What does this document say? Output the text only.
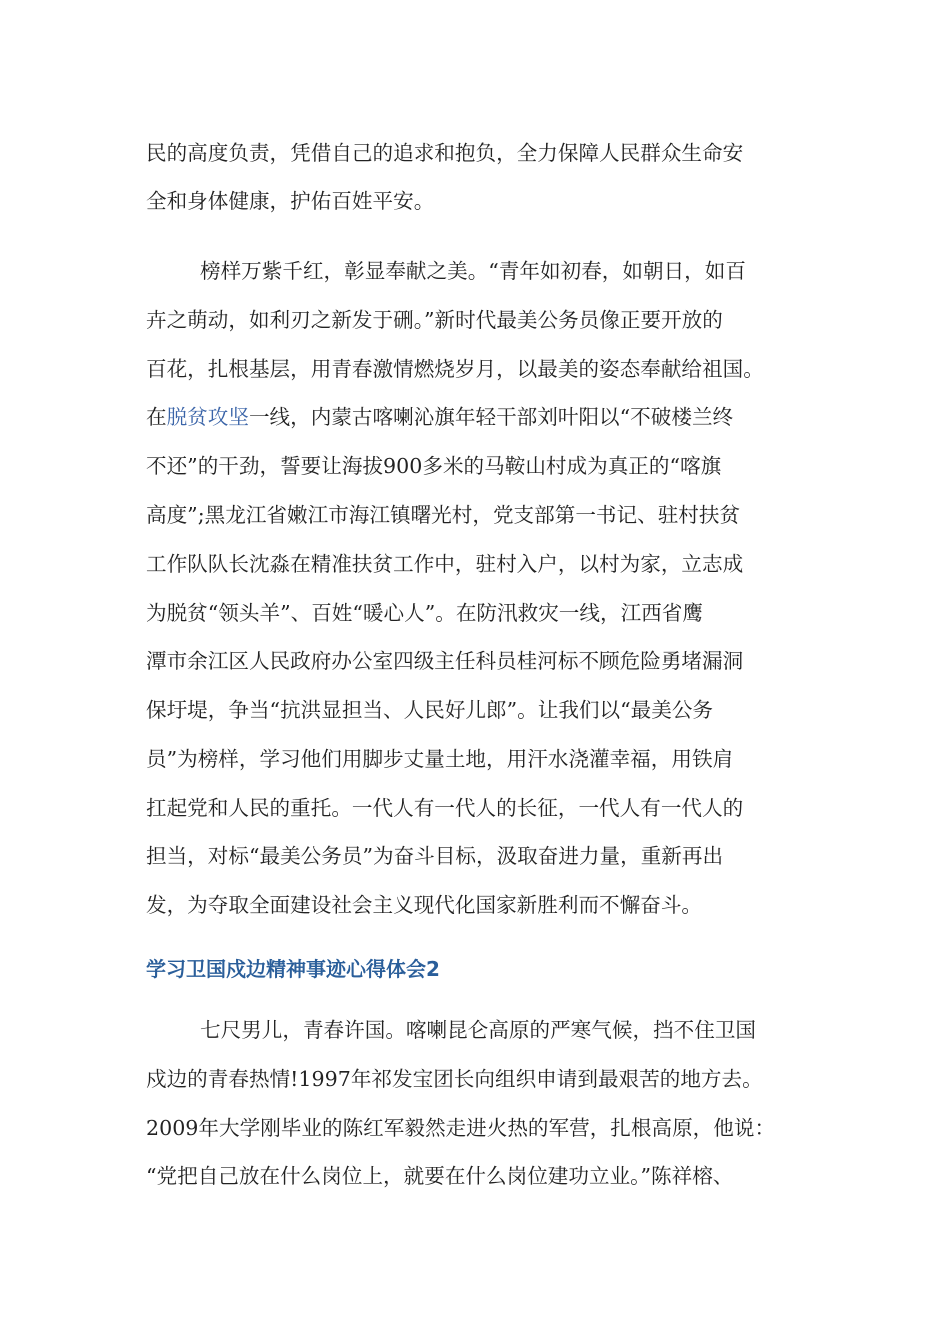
民的高度负责，凭借自己的追求和抱负，全力保障人民群众生命安

全和身体健康，护佑百姓平安。

榜样万紫千红，彰显奉献之美。“青年如初春，如朝日，如百

卉之萌动，如利刃之新发于硎。”新时代最美公务员像正要开放的

百花，扎根基层，用青春激情燃烧岁月，以最美的姿态奉献给祖国。

在脱贫攻坚一线，内蒙古喀喇沁旗年轻干部刘叶阳以“不破楼兰终

不还”的干劲，誓要让海拔900多米的马鞍山村成为真正的“喀旗

高度”;黑龙江省嫩江市海江镇曙光村，党支部第一书记、驻村扶贫

工作队队长沈淼在精准扶贫工作中，驻村入户，以村为家，立志成

为脱贫“领头羊”、百姓“暖心人”。在防汛救灾一线，江西省鹰

潭市余江区人民政府办公室四级主任科员桂河标不顾危险勇堵漏洞

保圩堤，争当“抗洪显担当、人民好儿郎”。让我们以“最美公务

员”为榜样，学习他们用脚步丈量土地，用汗水浇灌幸福，用铁肩

扛起党和人民的重托。一代人有一代人的长征，一代人有一代人的

担当，对标“最美公务员”为奋斗目标，汲取奋进力量，重新再出

发，为夺取全面建设社会主义现代化国家新胜利而不懈奋斗。

学习卫国戍边精神事迹心得体会2

七尺男儿，青春许国。喀喇昆仑高原的严寒气候，挡不住卫国

戍边的青春热情!1997年祁发宝团长向组织申请到最艰苦的地方去。

2009年大学刚毕业的陈红军毅然走进火热的军营，扎根高原，他说：

“党把自己放在什么岗位上，就要在什么岗位建功立业。”陈祥榕、
